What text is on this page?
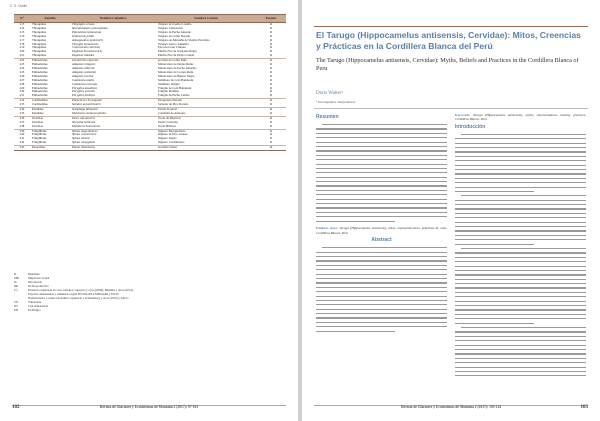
C. S. Ovidio
N°	Familia	Nombre Científico	Nombre Común	Estatus
213	Thraupidae	Thlypopsis ornata	Tangara de Cuello Castaño	R
214	Thraupidae	Sporathraupis cyanocephala	Tangara Cabeciazul	R
215	Thraupidae	Pipraeidea melanonota	Tangara de Pecho Anteado	R
216	Thraupidae	Iridosornis jelskii	Tangara de Collar Dorado	R
217	Thraupidae	Anisognathus igniventris	Tangara-de-Montaña de Vientre Escarlata	R
218	Thraupidae	Thraupis bonariensis	Tangara Azul y Amarilla	R
219	Thraupidae	Conirostrum cinereum	Pico-de-Cono Cinéreo	R
220	Thraupidae	Diglossa brunneiventris	Pincha-Flor de Garganta Negra	R
221	Thraupidae	Diglossa sittoides	Pincha-Flor de Pecho Canela	R
222	Emberizidae	Zonotrichia capensis	Gorrión de Collar Rufo	R
223	Emberizidae	Atlapetes rufigenis	Matorralero de Orejas Rufas	R
224	Emberizidae	Atlapetes albiceps	Matorralero de Pecho Amarillo	R
225	Emberizidae	Atlapetes seebohmi	Matorralero de Corona Rufa	R
226	Emberizidae	Atlapetes tricolor	Matorralero de Babero Negro	R
227	Emberizidae	Catamenia analis	Semillero de Cola Bandeada	R
228	Emberizidae	Catamenia inornata	Semillero Simple	R
229	Emberizidae	Phrygilus alaudinus	Fringilo de Cola Bandeada	R
230	Emberizidae	Phrygilus unicolor	Fringilo Plomizo	R
231	Emberizidae	Phrygilus plebejus	Fringilo de Pecho Cenizo	R
232	Cardinalidae	Pheucticus chrysogaster	Picogrueso Dorado	R
233	Cardinalidae	Saltator aurantiirostris	Saltador de Pico Dorado	R
234	Parulidae	Setophaga pitiayumi	Parula Tropical	R
235	Parulidae	Myioborus melanocephalus	Candelita de Anteojos	R
236	Icteridae	Dives warszewiczi	Tordo de Matorral	R
237	Icteridae	Sturnella bellicosa	Pecho Colorado	R
238	Icteridae	Molothrus bonariensis	Tordo Brilloso	R
239	Fringillidae	Spinus magellanicus	Jilguero Encapuchado	R
240	Fringillidae	Spinus crassirostris	Jilguero de Pico Grueso	R
241	Fringillidae	Spinus atratus	Jilguero Negro	R
242	Fringillidae	Spinus uropygialis	Jilguero Cordillerano	R
243	Passeridae	Passer domesticus	Gorrión Casero	In
R	Residente
MB	Migratorio boreal
In	Introducido
NR	No Reproductivo
(*)	Presencia registrada en otros estudios: Guerrero y otros (2009); Huamán y otros (2014).
Especies amenazadas y endémicas según DS 004-2014-MINAGRI y UICN.
Nomenclatura y orden taxonómico siguiendo a Schulenberg y otros (2010) y SACC.
VU	Vulnerable
NT	Casi Amenazado
EN	En Peligro
102	Revista de Glaciares y Ecosistemas de Montaña 2 (2017): 97-102
El Tarugo (Hippocamelus antisensis, Cervidae): Mitos, Creencias y Prácticas en la Cordillera Blanca del Perú
The Tarugo (Hippocamelus antisensis, Cervidae): Myths, Beliefs and Practices in the Cordillera Blanca of Peru
Doris Walter¹
¹ Investigadora independiente
Resumen

Palabras clave: Tarugo (Hippocamelus antisensis), mitos, representaciones, prácticas de caza, Cordillera Blanca, Perú

Abstract

Keywords: Tarugo (Hippocamelus antisensis), myths, representations, hunting practices, Cordillera Blanca, Peru

Introducción
Revista de Glaciares y Ecosistemas de Montaña 2 (2017): 103-114	103
